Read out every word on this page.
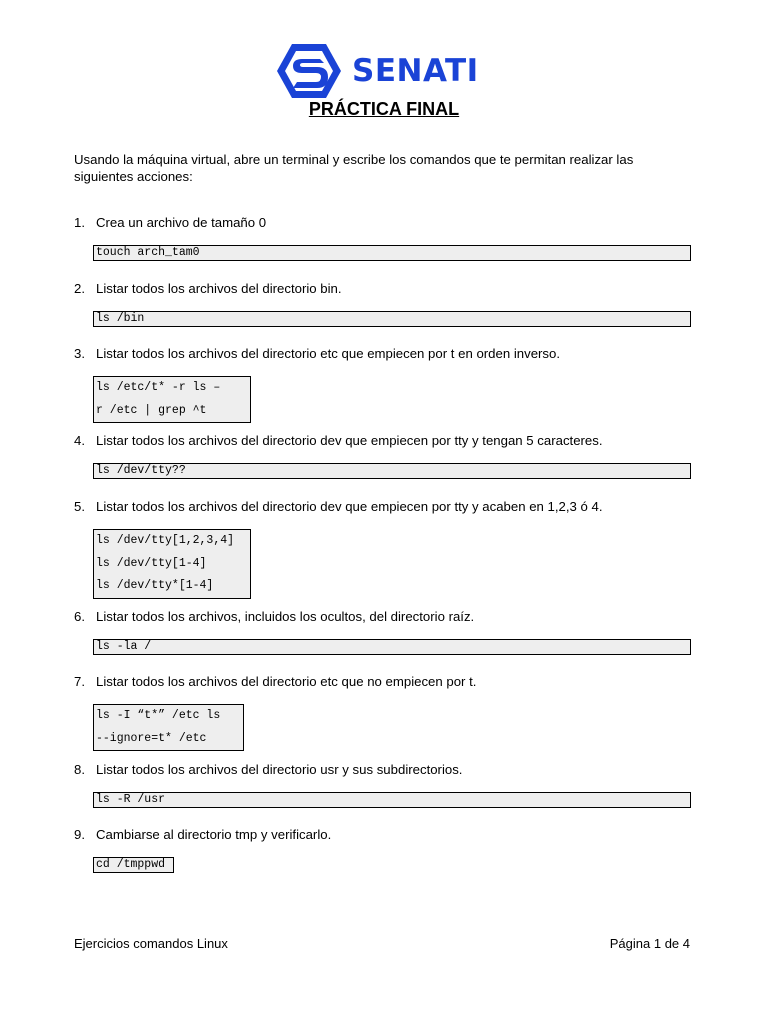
SENATI
PRÁCTICA FINAL
Usando la máquina virtual, abre un terminal y escribe los comandos que te permitan realizar las siguientes acciones:
1. Crea un archivo de tamaño 0
touch arch_tam0
2. Listar todos los archivos del directorio bin.
ls /bin
3. Listar todos los archivos del directorio etc que empiecen por t en orden inverso.
ls /etc/t* -r ls –
r /etc | grep ^t
4. Listar todos los archivos del directorio dev que empiecen por tty y tengan 5 caracteres.
ls /dev/tty??
5. Listar todos los archivos del directorio dev que empiecen por tty y acaben en 1,2,3 ó 4.
ls /dev/tty[1,2,3,4]
ls /dev/tty[1-4]
ls /dev/tty*[1-4]
6. Listar todos los archivos, incluidos los ocultos, del directorio raíz.
ls -la /
7. Listar todos los archivos del directorio etc que no empiecen por t.
ls -I “t*” /etc ls
--ignore=t* /etc
8. Listar todos los archivos del directorio usr y sus subdirectorios.
ls -R /usr
9. Cambiarse al directorio tmp y verificarlo.
cd /tmppwd
Ejercicios comandos Linux	Página 1 de 4
